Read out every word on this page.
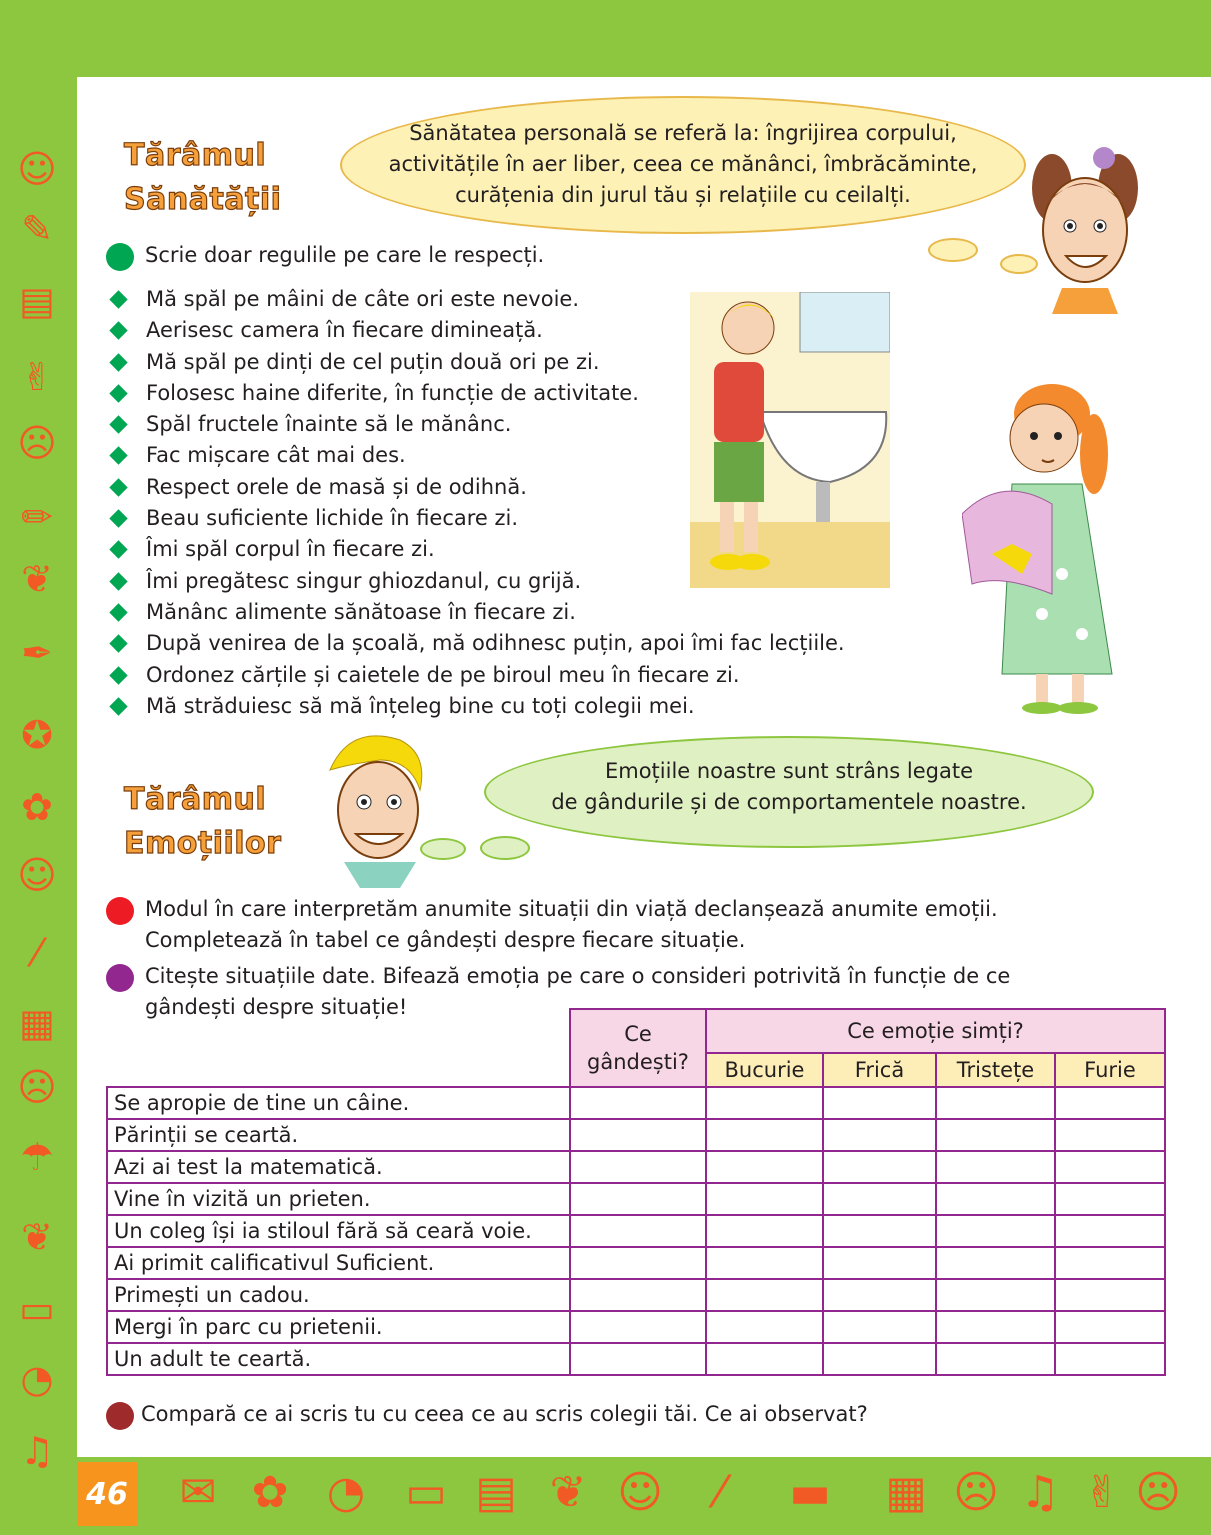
☺
✎
▤
✌
☹
✏
❦
✒
✪
✿
☺
⁄
▦
☹
☂
❦
▭
◔
♫
✉ ✿ ◔ ▭ ▤ ❦ ☺	⁄	▬ ▦ ☹ ♫ ✌ ☹
46
Tărâmul
Sănătății
Sănătatea personală se referă la: îngrijirea corpului, activitățile în aer liber, ceea ce mănânci, îmbrăcăminte, curățenia din jurul tău și relațiile cu ceilalți.
Scrie doar regulile pe care le respecți.
Mă spăl pe mâini de câte ori este nevoie.
Aerisesc camera în fiecare dimineață.
Mă spăl pe dinți de cel puțin două ori pe zi.
Folosesc haine diferite, în funcție de activitate.
Spăl fructele înainte să le mănânc.
Fac mișcare cât mai des.
Respect orele de masă și de odihnă.
Beau suficiente lichide în fiecare zi.
Îmi spăl corpul în fiecare zi.
Îmi pregătesc singur ghiozdanul, cu grijă.
Mănânc alimente sănătoase în fiecare zi.
După venirea de la școală, mă odihnesc puțin, apoi îmi fac lecțiile.
Ordonez cărțile și caietele de pe biroul meu în fiecare zi.
Mă străduiesc să mă înțeleg bine cu toți colegii mei.
Tărâmul
Emoțiilor
Emoțiile noastre sunt strâns legate
de gândurile și de comportamentele noastre.
Modul în care interpretăm anumite situații din viață declanșează anumite emoții.
Completează în tabel ce gândești despre fiecare situație.
Citește situațiile date. Bifează emoția pe care o consideri potrivită în funcție de ce
gândești despre situație!
	Ce gândești?	Ce emoție simți?			
		Bucurie	Frică	Tristețe	Furie
Se apropie de tine un câine.					
Părinții se ceartă.					
Azi ai test la matematică.					
Vine în vizită un prieten.					
Un coleg își ia stiloul fără să ceară voie.					
Ai primit calificativul Suficient.					
Primești un cadou.					
Mergi în parc cu prietenii.					
Un adult te ceartă.					
Compară ce ai scris tu cu ceea ce au scris colegii tăi. Ce ai observat?
